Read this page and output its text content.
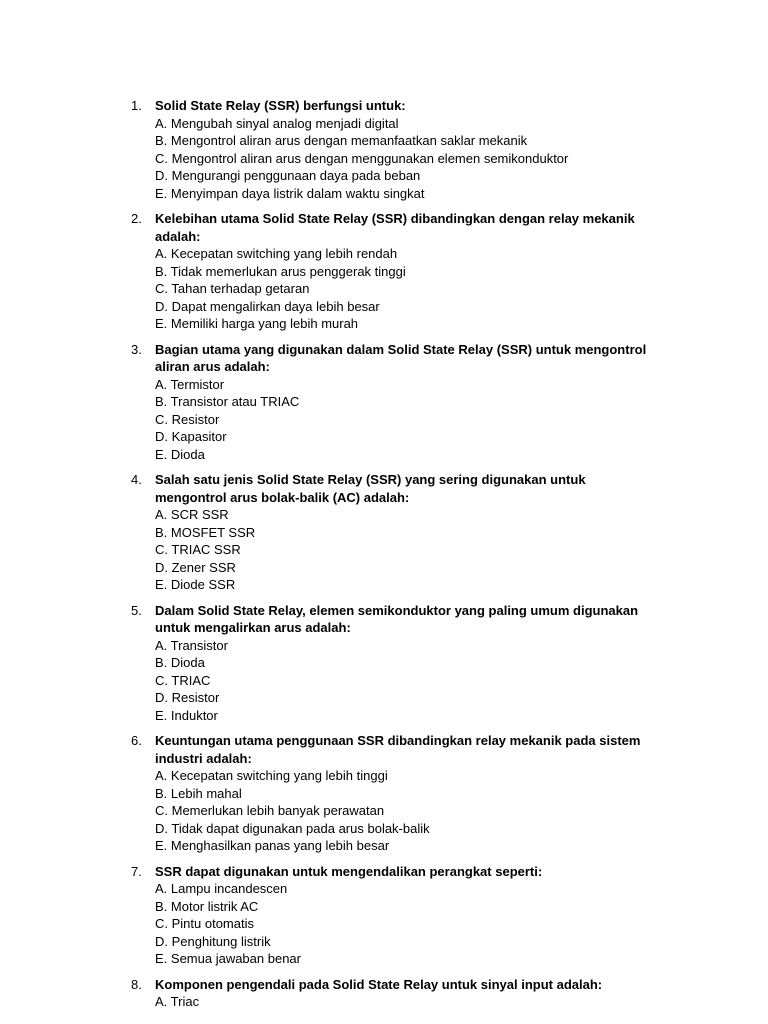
1. Solid State Relay (SSR) berfungsi untuk:
A. Mengubah sinyal analog menjadi digital
B. Mengontrol aliran arus dengan memanfaatkan saklar mekanik
C. Mengontrol aliran arus dengan menggunakan elemen semikonduktor
D. Mengurangi penggunaan daya pada beban
E. Menyimpan daya listrik dalam waktu singkat
2. Kelebihan utama Solid State Relay (SSR) dibandingkan dengan relay mekanik adalah:
A. Kecepatan switching yang lebih rendah
B. Tidak memerlukan arus penggerak tinggi
C. Tahan terhadap getaran
D. Dapat mengalirkan daya lebih besar
E. Memiliki harga yang lebih murah
3. Bagian utama yang digunakan dalam Solid State Relay (SSR) untuk mengontrol aliran arus adalah:
A. Termistor
B. Transistor atau TRIAC
C. Resistor
D. Kapasitor
E. Dioda
4. Salah satu jenis Solid State Relay (SSR) yang sering digunakan untuk mengontrol arus bolak-balik (AC) adalah:
A. SCR SSR
B. MOSFET SSR
C. TRIAC SSR
D. Zener SSR
E. Diode SSR
5. Dalam Solid State Relay, elemen semikonduktor yang paling umum digunakan untuk mengalirkan arus adalah:
A. Transistor
B. Dioda
C. TRIAC
D. Resistor
E. Induktor
6. Keuntungan utama penggunaan SSR dibandingkan relay mekanik pada sistem industri adalah:
A. Kecepatan switching yang lebih tinggi
B. Lebih mahal
C. Memerlukan lebih banyak perawatan
D. Tidak dapat digunakan pada arus bolak-balik
E. Menghasilkan panas yang lebih besar
7. SSR dapat digunakan untuk mengendalikan perangkat seperti:
A. Lampu incandescen
B. Motor listrik AC
C. Pintu otomatis
D. Penghitung listrik
E. Semua jawaban benar
8. Komponen pengendali pada Solid State Relay untuk sinyal input adalah:
A. Triac
